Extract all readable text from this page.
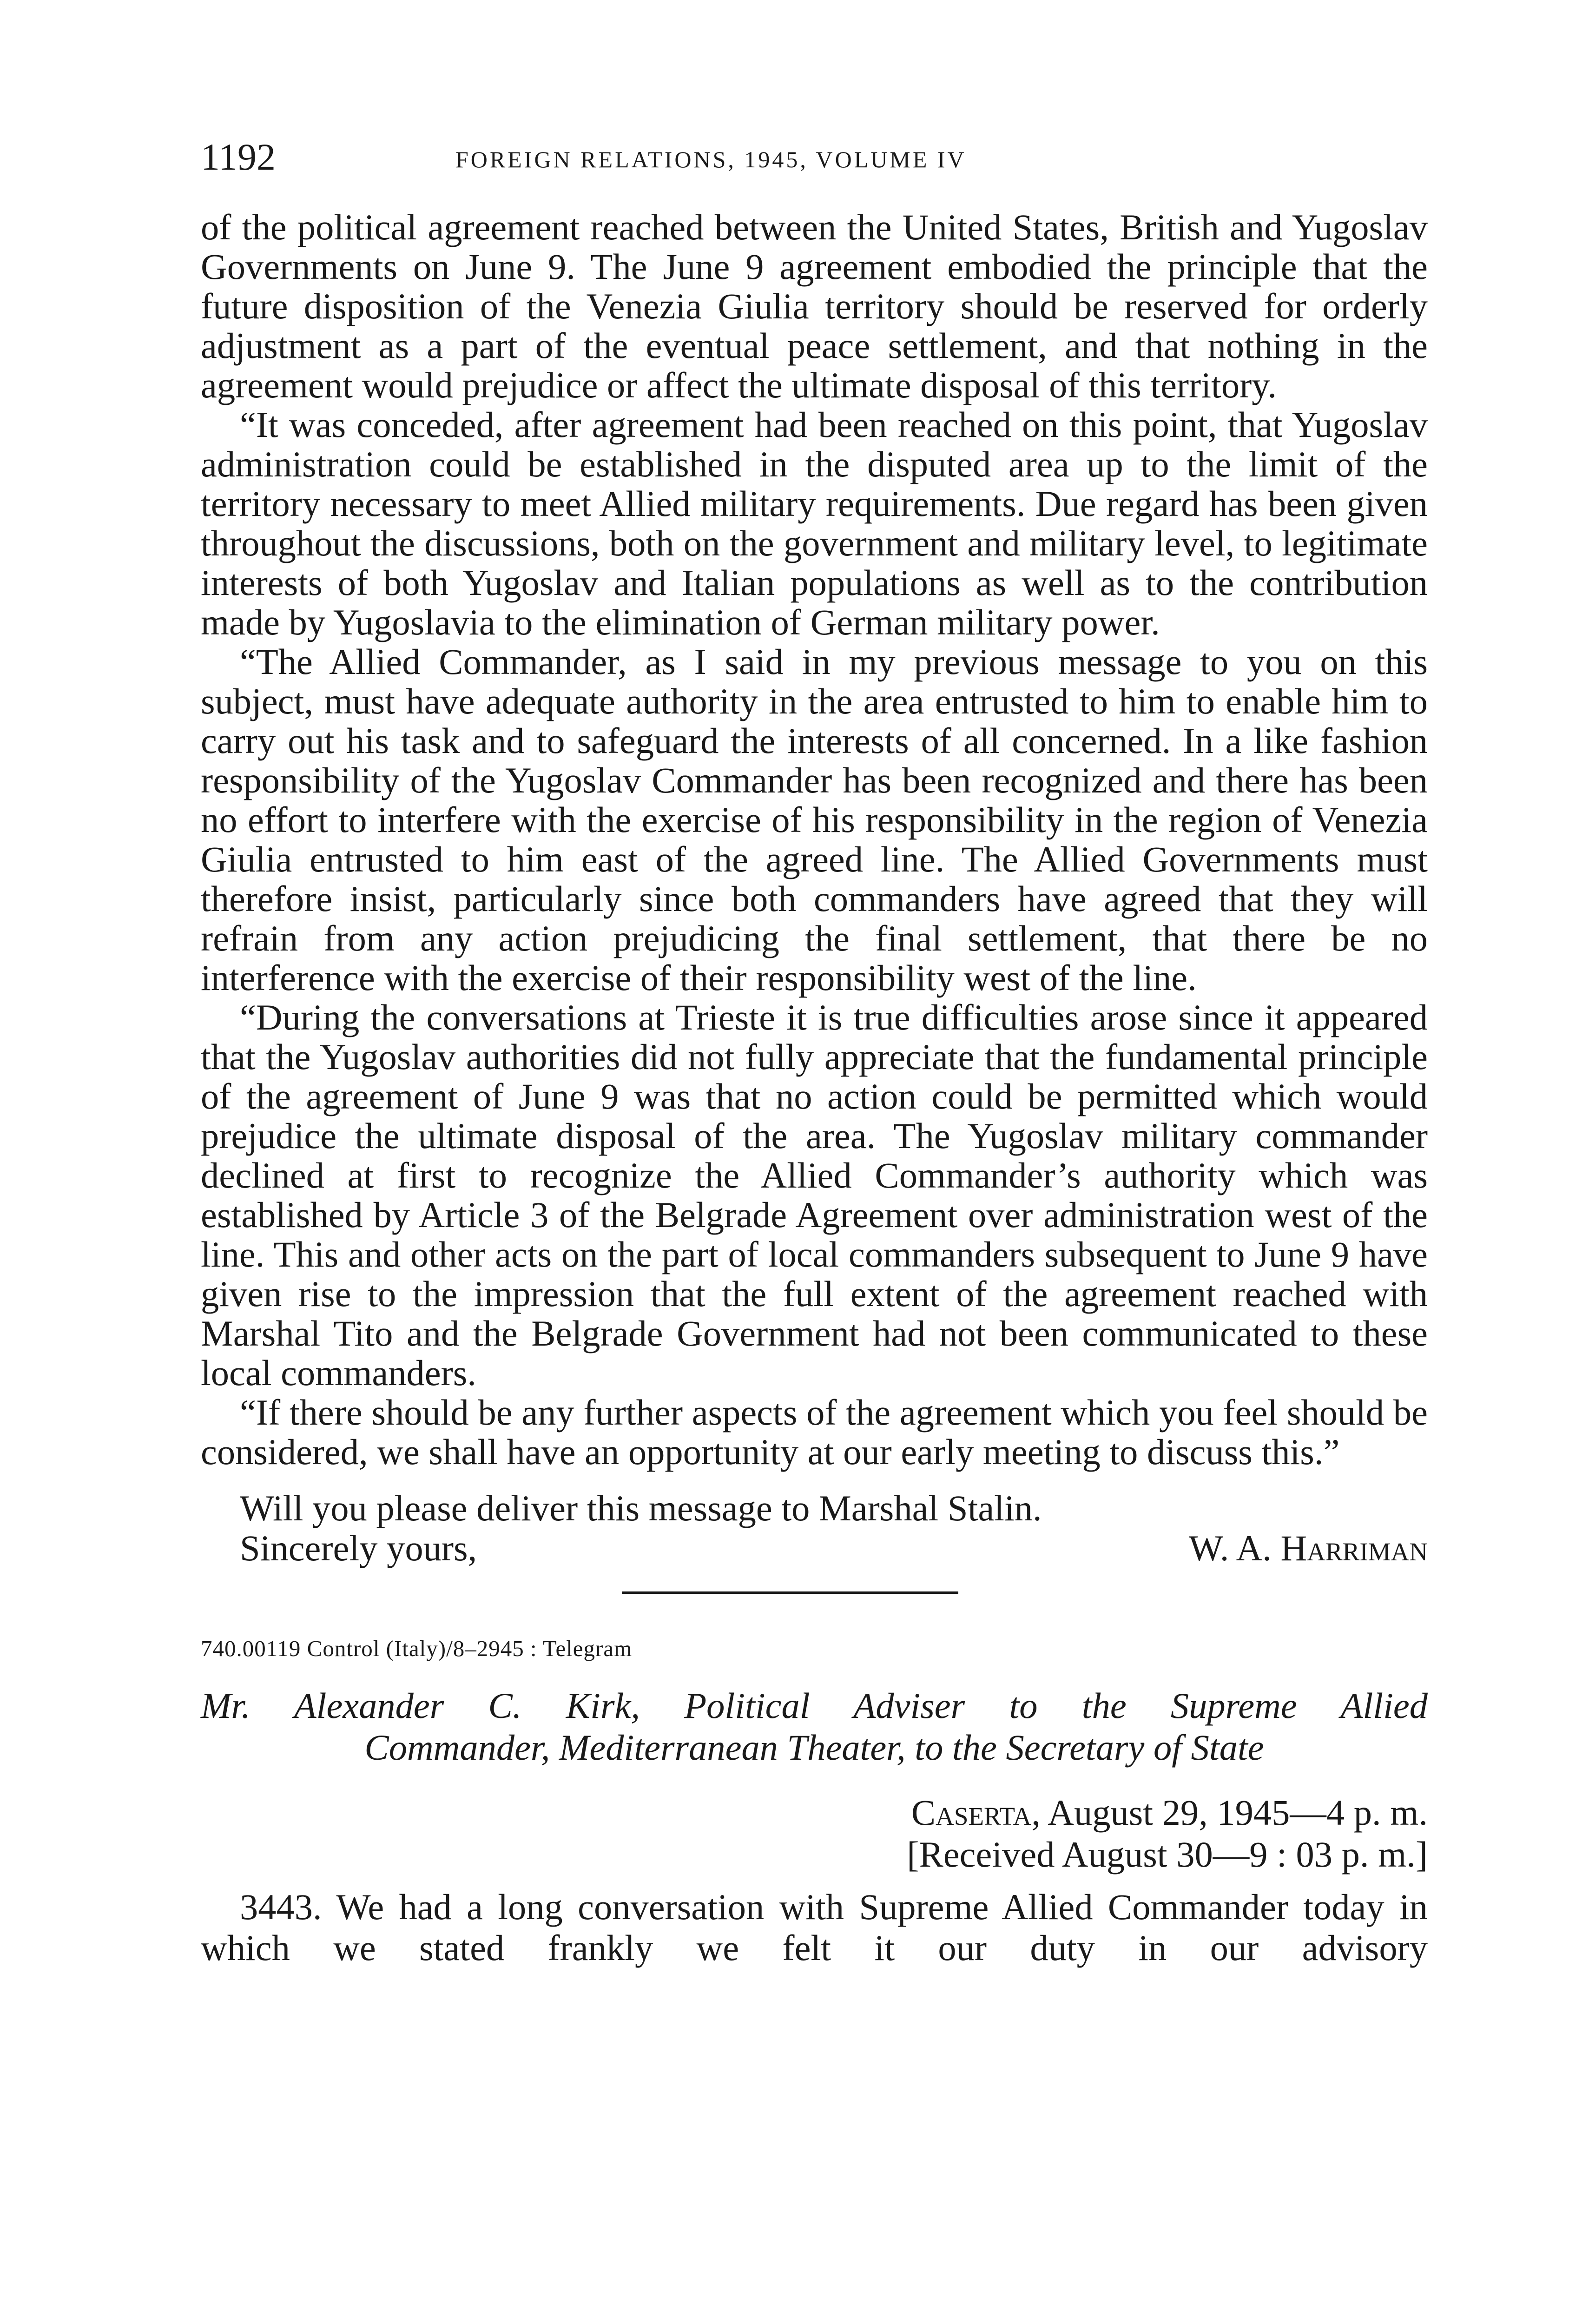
1192	FOREIGN RELATIONS, 1945, VOLUME IV

of the political agreement reached between the United States, British and Yugoslav Governments on June 9. The June 9 agreement embodied the principle that the future disposition of the Venezia Giulia territory should be reserved for orderly adjustment as a part of the eventual peace settlement, and that nothing in the agreement would prejudice or affect the ultimate disposal of this territory.

“It was conceded, after agreement had been reached on this point, that Yugoslav administration could be established in the disputed area up to the limit of the territory necessary to meet Allied military requirements. Due regard has been given throughout the discussions, both on the government and military level, to legitimate interests of both Yugoslav and Italian populations as well as to the contribution made by Yugoslavia to the elimination of German military power.

“The Allied Commander, as I said in my previous message to you on this subject, must have adequate authority in the area entrusted to him to enable him to carry out his task and to safeguard the interests of all concerned. In a like fashion responsibility of the Yugoslav Commander has been recognized and there has been no effort to interfere with the exercise of his responsibility in the region of Venezia Giulia entrusted to him east of the agreed line. The Allied Governments must therefore insist, particularly since both commanders have agreed that they will refrain from any action prejudicing the final settlement, that there be no interference with the exercise of their responsibility west of the line.

“During the conversations at Trieste it is true difficulties arose since it appeared that the Yugoslav authorities did not fully appreciate that the fundamental principle of the agreement of June 9 was that no action could be permitted which would prejudice the ultimate disposal of the area. The Yugoslav military commander declined at first to recognize the Allied Commander’s authority which was established by Article 3 of the Belgrade Agreement over administration west of the line. This and other acts on the part of local commanders subsequent to June 9 have given rise to the impression that the full extent of the agreement reached with Marshal Tito and the Belgrade Government had not been communicated to these local commanders.

“If there should be any further aspects of the agreement which you feel should be considered, we shall have an opportunity at our early meeting to discuss this.”

Will you please deliver this message to Marshal Stalin.
Sincerely yours,	W. A. Harriman
740.00119 Control (Italy)/8–2945 : Telegram
Mr. Alexander C. Kirk, Political Adviser to the Supreme Allied
Commander, Mediterranean Theater, to the Secretary of State
Caserta, August 29, 1945—4 p. m.
[Received August 30—9 : 03 p. m.]

3443. We had a long conversation with Supreme Allied Commander today in which we stated frankly we felt it our duty in our advisory
